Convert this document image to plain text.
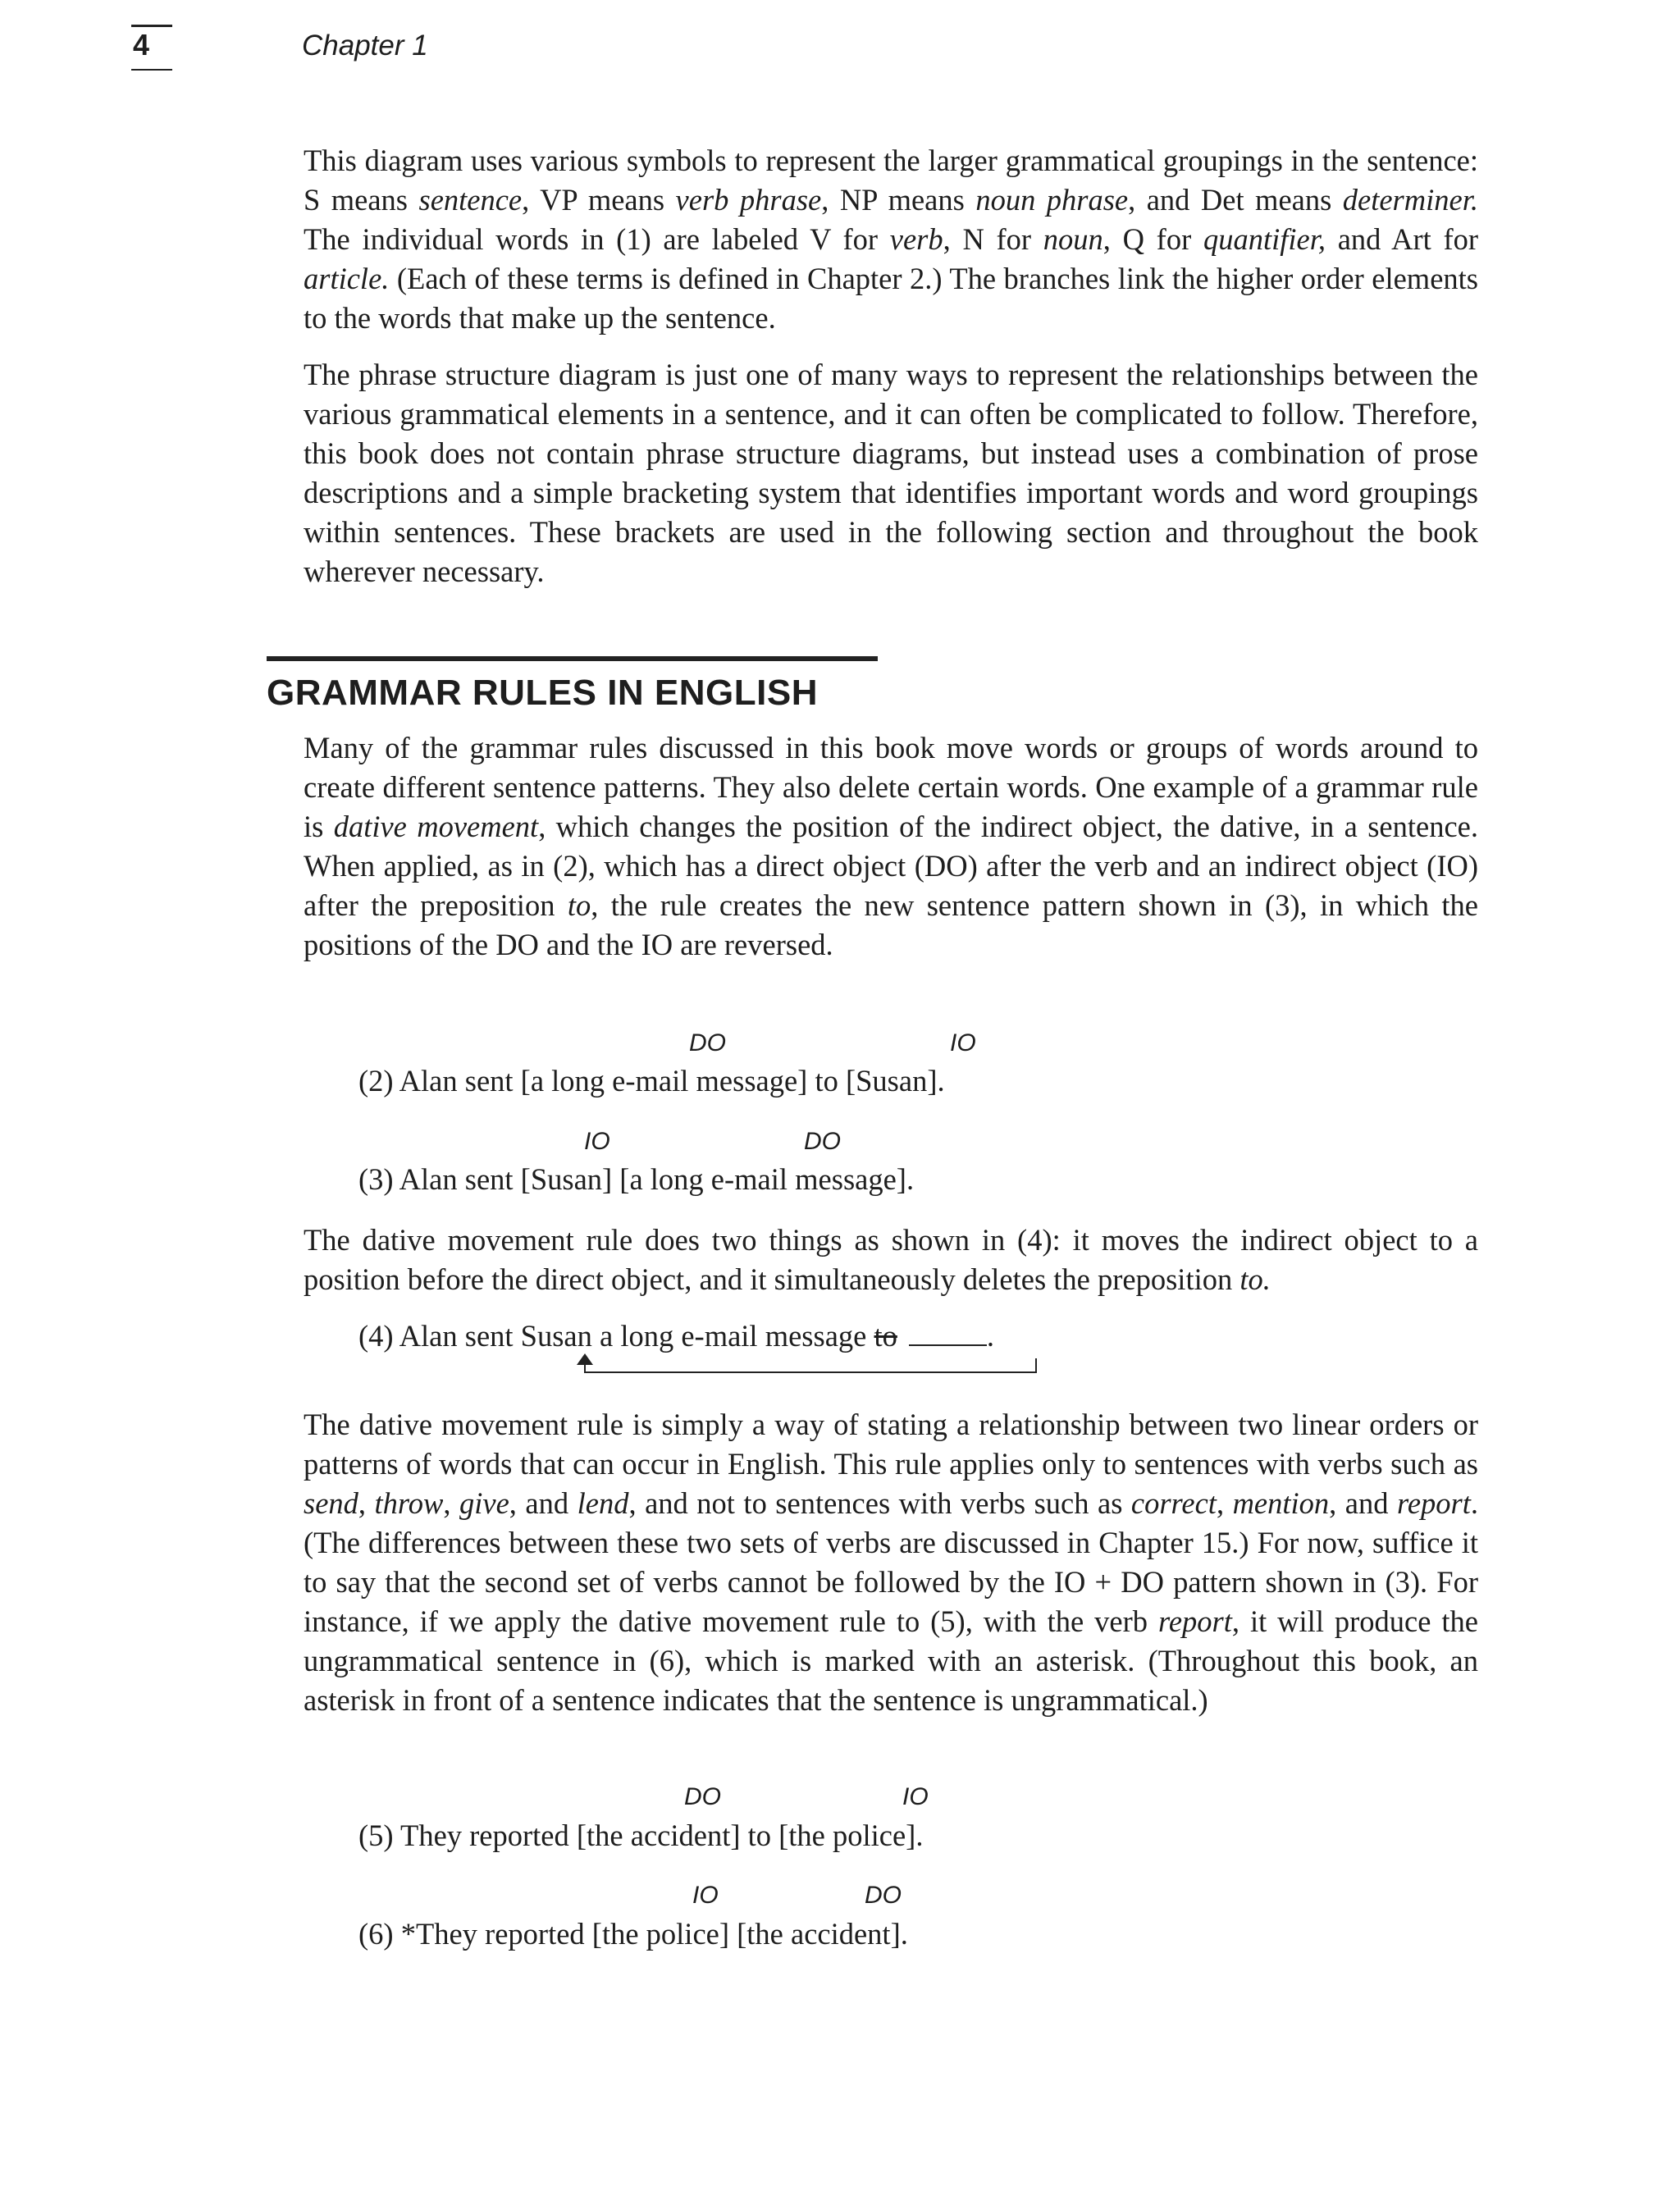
4	Chapter 1

This diagram uses various symbols to represent the larger grammatical groupings in the sentence: S means sentence, VP means verb phrase, NP means noun phrase, and Det means determiner. The individual words in (1) are labeled V for verb, N for noun, Q for quantifier, and Art for article. (Each of these terms is defined in Chapter 2.) The branches link the higher order elements to the words that make up the sentence.

The phrase structure diagram is just one of many ways to represent the relationships between the various grammatical elements in a sentence, and it can often be complicated to follow. Therefore, this book does not contain phrase structure diagrams, but instead uses a combination of prose descriptions and a simple bracketing system that identifies important words and word groupings within sentences. These brackets are used in the following section and throughout the book wherever necessary.

GRAMMAR RULES IN ENGLISH

Many of the grammar rules discussed in this book move words or groups of words around to create different sentence patterns. They also delete certain words. One example of a grammar rule is dative movement, which changes the position of the indirect object, the dative, in a sentence. When applied, as in (2), which has a direct object (DO) after the verb and an indirect object (IO) after the preposition to, the rule creates the new sentence pattern shown in (3), in which the positions of the DO and the IO are reversed.

DO	IO
(2) Alan sent [a long e-mail message] to [Susan].
IO	DO
(3) Alan sent [Susan] [a long e-mail message].

The dative movement rule does two things as shown in (4): it moves the indirect object to a position before the direct object, and it simultaneously deletes the preposition to.

(4) Alan sent Susan a long e-mail message to	.

The dative movement rule is simply a way of stating a relationship between two linear orders or patterns of words that can occur in English. This rule applies only to sentences with verbs such as send, throw, give, and lend, and not to sentences with verbs such as correct, mention, and report. (The differences between these two sets of verbs are discussed in Chapter 15.) For now, suffice it to say that the second set of verbs cannot be followed by the IO + DO pattern shown in (3). For instance, if we apply the dative movement rule to (5), with the verb report, it will produce the ungrammatical sentence in (6), which is marked with an asterisk. (Throughout this book, an asterisk in front of a sentence indicates that the sentence is ungrammatical.)

DO	IO
(5) They reported [the accident] to [the police].
IO	DO
(6) *They reported [the police] [the accident].
